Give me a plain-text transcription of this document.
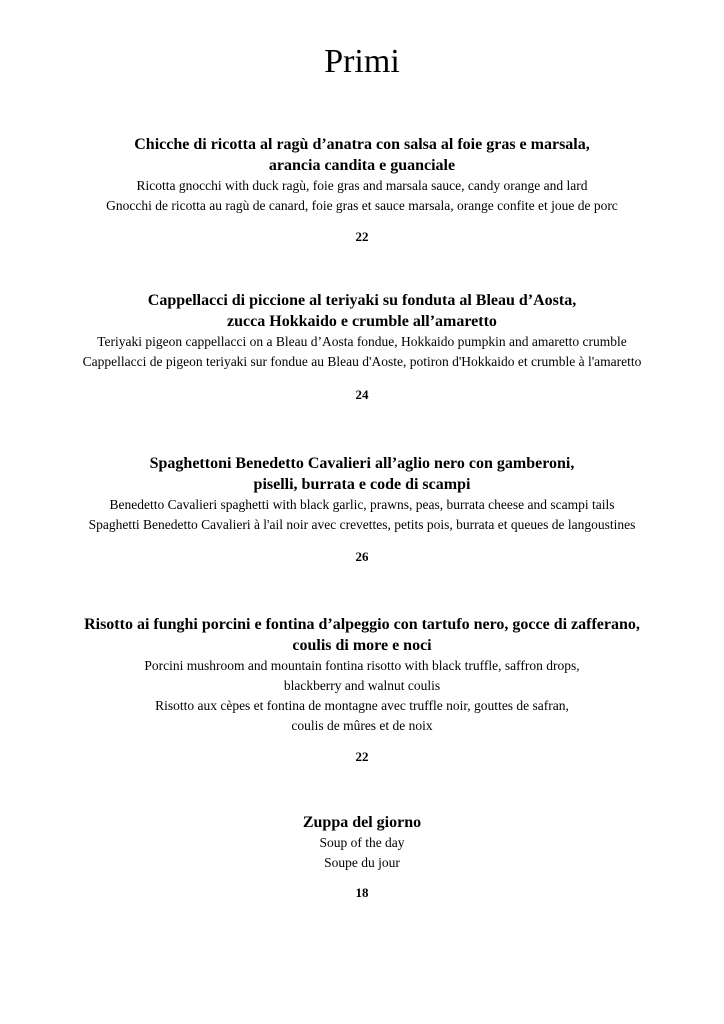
Primi
Chicche di ricotta al ragù d’anatra con salsa al foie gras e marsala,
arancia candita e guanciale
Ricotta gnocchi with duck ragù, foie gras and marsala sauce, candy orange and lard
Gnocchi de ricotta au ragù de canard, foie gras et sauce marsala, orange confite et joue de porc
22
Cappellacci di piccione al teriyaki su fonduta al Bleau d’Aosta,
zucca Hokkaido e crumble all’amaretto
Teriyaki pigeon cappellacci on a Bleau d’Aosta fondue, Hokkaido pumpkin and amaretto crumble
Cappellacci de pigeon teriyaki sur fondue au Bleau d'Aoste, potiron d'Hokkaido et crumble à l'amaretto
24
Spaghettoni Benedetto Cavalieri all’aglio nero con gamberoni,
piselli, burrata e code di scampi
Benedetto Cavalieri spaghetti with black garlic, prawns, peas, burrata cheese and scampi tails
Spaghetti Benedetto Cavalieri à l'ail noir avec crevettes, petits pois, burrata et queues de langoustines
26
Risotto ai funghi porcini e fontina d’alpeggio con tartufo nero, gocce di zafferano,
coulis di more e noci
Porcini mushroom and mountain fontina risotto with black truffle, saffron drops,
blackberry and walnut coulis
Risotto aux cèpes et fontina de montagne avec truffle noir, gouttes de safran,
coulis de mûres et de noix
22
Zuppa del giorno
Soup of the day
Soupe du jour
18
